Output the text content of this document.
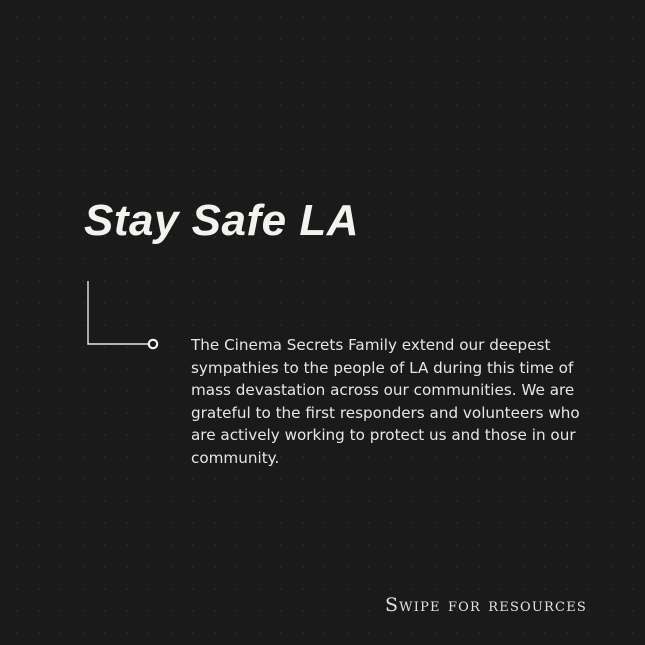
Stay Safe LA

The Cinema Secrets Family extend our deepest sympathies to the people of LA during this time of mass devastation across our communities. We are grateful to the first responders and volunteers who are actively working to protect us and those in our community.

Swipe for resources
